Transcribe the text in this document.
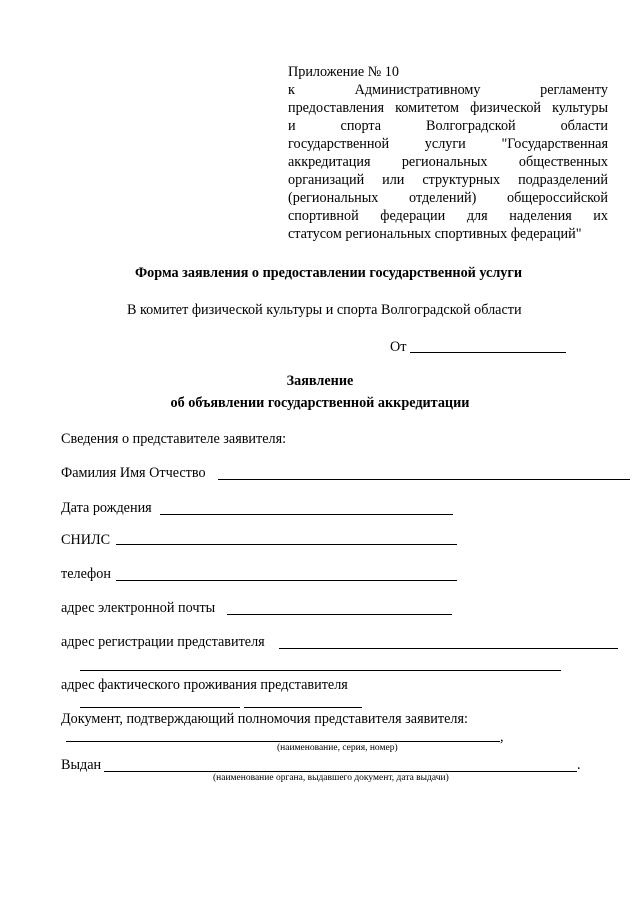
Приложение № 10
к Административному регламенту
предоставления комитетом физической культуры
и спорта Волгоградской области
государственной услуги "Государственная
аккредитация региональных общественных
организаций или структурных подразделений
(региональных отделений) общероссийской
спортивной федерации для наделения их
статусом региональных спортивных федераций"
Форма заявления о предоставлении государственной услуги
В комитет физической культуры и спорта Волгоградской области
От
Заявление
об объявлении государственной аккредитации
Сведения о представителе заявителя:
Фамилия Имя Отчество
Дата рождения
СНИЛС
телефон
адрес электронной почты
адрес регистрации представителя
адрес фактического проживания представителя
Документ, подтверждающий полномочия представителя заявителя:
,
(наименование, серия, номер)
Выдан	.
(наименование органа, выдавшего документ, дата выдачи)
